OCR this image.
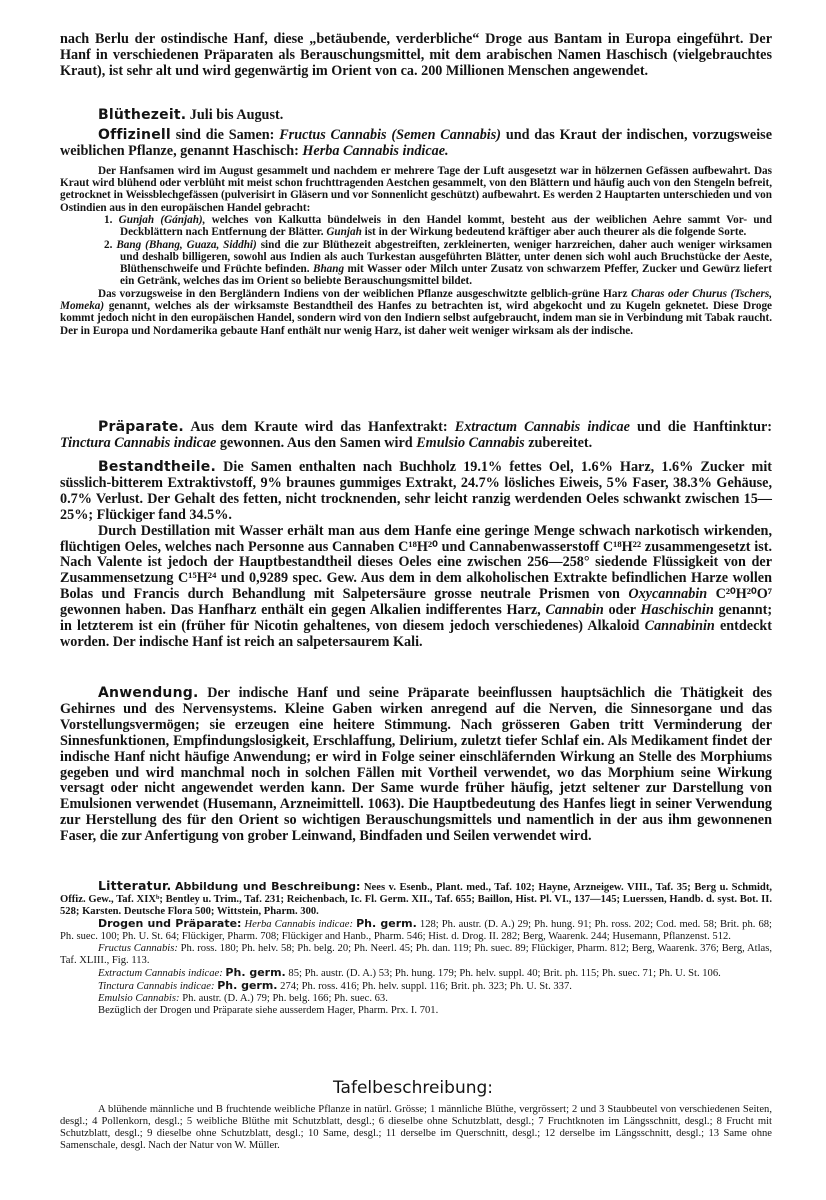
nach Berlu der ostindische Hanf, diese „betäubende, verderbliche“ Droge aus Bantam in Europa eingeführt. Der Hanf in verschiedenen Präparaten als Berauschungsmittel, mit dem arabischen Namen Haschisch (vielgebrauchtes Kraut), ist sehr alt und wird gegenwärtig im Orient von ca. 200 Millionen Menschen angewendet.

Blüthezeit. Juli bis August.

Offizinell sind die Samen: Fructus Cannabis (Semen Cannabis) und das Kraut der indischen, vorzugsweise weiblichen Pflanze, genannt Haschisch: Herba Cannabis indicae.

Der Hanfsamen wird im August gesammelt und nachdem er mehrere Tage der Luft ausgesetzt war in hölzernen Gefässen aufbewahrt. Das Kraut wird blühend oder verblüht mit meist schon fruchttragenden Aestchen gesammelt, von den Blättern und häufig auch von den Stengeln befreit, getrocknet in Weissblechgefässen (pulverisirt in Gläsern und vor Sonnenlicht geschützt) aufbewahrt. Es werden 2 Hauptarten unterschieden und von Ostindien aus in den europäischen Handel gebracht:

1. Gunjah (Gánjah), welches von Kalkutta bündelweis in den Handel kommt, besteht aus der weiblichen Aehre sammt Vor- und Deckblättern nach Entfernung der Blätter. Gunjah ist in der Wirkung bedeutend kräftiger aber auch theurer als die folgende Sorte.

2. Bang (Bhang, Guaza, Siddhi) sind die zur Blüthezeit abgestreiften, zerkleinerten, weniger harzreichen, daher auch weniger wirksamen und deshalb billigeren, sowohl aus Indien als auch Turkestan ausgeführten Blätter, unter denen sich wohl auch Bruchstücke der Aeste, Blüthenschweife und Früchte befinden. Bhang mit Wasser oder Milch unter Zusatz von schwarzem Pfeffer, Zucker und Gewürz liefert ein Getränk, welches das im Orient so beliebte Berauschungsmittel bildet.

Das vorzugsweise in den Bergländern Indiens von der weiblichen Pflanze ausgeschwitzte gelblich-grüne Harz Charas oder Churus (Tschers, Momeka) genannt, welches als der wirksamste Bestandtheil des Hanfes zu betrachten ist, wird abgekocht und zu Kugeln geknetet. Diese Droge kommt jedoch nicht in den europäischen Handel, sondern wird von den Indiern selbst aufgebraucht, indem man sie in Verbindung mit Tabak raucht. Der in Europa und Nordamerika gebaute Hanf enthält nur wenig Harz, ist daher weit weniger wirksam als der indische.

Präparate. Aus dem Kraute wird das Hanfextrakt: Extractum Cannabis indicae und die Hanftinktur: Tinctura Cannabis indicae gewonnen. Aus den Samen wird Emulsio Cannabis zubereitet.

Bestandtheile. Die Samen enthalten nach Buchholz 19.1% fettes Oel, 1.6% Harz, 1.6% Zucker mit süsslich-bitterem Extraktivstoff, 9% braunes gummiges Extrakt, 24.7% lösliches Eiweis, 5% Faser, 38.3% Gehäuse, 0.7% Verlust. Der Gehalt des fetten, nicht trocknenden, sehr leicht ranzig werdenden Oeles schwankt zwischen 15—25%; Flückiger fand 34.5%.

Durch Destillation mit Wasser erhält man aus dem Hanfe eine geringe Menge schwach narkotisch wirkenden, flüchtigen Oeles, welches nach Personne aus Cannaben C¹⁸H²⁰ und Cannabenwasserstoff C¹⁸H²² zusammengesetzt ist. Nach Valente ist jedoch der Hauptbestandtheil dieses Oeles eine zwischen 256—258° siedende Flüssigkeit von der Zusammensetzung C¹⁵H²⁴ und 0,9289 spec. Gew. Aus dem in dem alkoholischen Extrakte befindlichen Harze wollen Bolas und Francis durch Behandlung mit Salpetersäure grosse neutrale Prismen von Oxycannabin C²⁰H²⁰O⁷ gewonnen haben. Das Hanfharz enthält ein gegen Alkalien indifferentes Harz, Cannabin oder Haschischin genannt; in letzterem ist ein (früher für Nicotin gehaltenes, von diesem jedoch verschiedenes) Alkaloid Cannabinin entdeckt worden. Der indische Hanf ist reich an salpetersaurem Kali.

Anwendung. Der indische Hanf und seine Präparate beeinflussen hauptsächlich die Thätigkeit des Gehirnes und des Nervensystems. Kleine Gaben wirken anregend auf die Nerven, die Sinnesorgane und das Vorstellungsvermögen; sie erzeugen eine heitere Stimmung. Nach grösseren Gaben tritt Verminderung der Sinnesfunktionen, Empfindungslosigkeit, Erschlaffung, Delirium, zuletzt tiefer Schlaf ein. Als Medikament findet der indische Hanf nicht häufige Anwendung; er wird in Folge seiner einschläfernden Wirkung an Stelle des Morphiums gegeben und wird manchmal noch in solchen Fällen mit Vortheil verwendet, wo das Morphium seine Wirkung versagt oder nicht angewendet werden kann. Der Same wurde früher häufig, jetzt seltener zur Darstellung von Emulsionen verwendet (Husemann, Arzneimittell. 1063). Die Hauptbedeutung des Hanfes liegt in seiner Verwendung zur Herstellung des für den Orient so wichtigen Berauschungsmittels und namentlich in der aus ihm gewonnenen Faser, die zur Anfertigung von grober Leinwand, Bindfaden und Seilen verwendet wird.

Litteratur. Abbildung und Beschreibung: Nees v. Esenb., Plant. med., Taf. 102; Hayne, Arzneigew. VIII., Taf. 35; Berg u. Schmidt, Offiz. Gew., Taf. XIXᵇ; Bentley u. Trim., Taf. 231; Reichenbach, Ic. Fl. Germ. XII., Taf. 655; Baillon, Hist. Pl. VI., 137—145; Luerssen, Handb. d. syst. Bot. II. 528; Karsten. Deutsche Flora 500; Wittstein, Pharm. 300.

Drogen und Präparate: Herba Cannabis indicae: Ph. germ. 128; Ph. austr. (D. A.) 29; Ph. hung. 91; Ph. ross. 202; Cod. med. 58; Brit. ph. 68; Ph. suec. 100; Ph. U. St. 64; Flückiger, Pharm. 708; Flückiger and Hanb., Pharm. 546; Hist. d. Drog. II. 282; Berg, Waarenk. 244; Husemann, Pflanzenst. 512.

Fructus Cannabis: Ph. ross. 180; Ph. helv. 58; Ph. belg. 20; Ph. Neerl. 45; Ph. dan. 119; Ph. suec. 89; Flückiger, Pharm. 812; Berg, Waarenk. 376; Berg, Atlas, Taf. XLIII., Fig. 113.

Extractum Cannabis indicae: Ph. germ. 85; Ph. austr. (D. A.) 53; Ph. hung. 179; Ph. helv. suppl. 40; Brit. ph. 115; Ph. suec. 71; Ph. U. St. 106.

Tinctura Cannabis indicae: Ph. germ. 274; Ph. ross. 416; Ph. helv. suppl. 116; Brit. ph. 323; Ph. U. St. 337.

Emulsio Cannabis: Ph. austr. (D. A.) 79; Ph. belg. 166; Ph. suec. 63.

Bezüglich der Drogen und Präparate siehe ausserdem Hager, Pharm. Prx. I. 701.

Tafelbeschreibung:

A blühende männliche und B fruchtende weibliche Pflanze in natürl. Grösse; 1 männliche Blüthe, vergrössert; 2 und 3 Staubbeutel von verschiedenen Seiten, desgl.; 4 Pollenkorn, desgl.; 5 weibliche Blüthe mit Schutzblatt, desgl.; 6 dieselbe ohne Schutzblatt, desgl.; 7 Fruchtknoten im Längsschnitt, desgl.; 8 Frucht mit Schutzblatt, desgl.; 9 dieselbe ohne Schutzblatt, desgl.; 10 Same, desgl.; 11 derselbe im Querschnitt, desgl.; 12 derselbe im Längsschnitt, desgl.; 13 Same ohne Samenschale, desgl. Nach der Natur von W. Müller.
